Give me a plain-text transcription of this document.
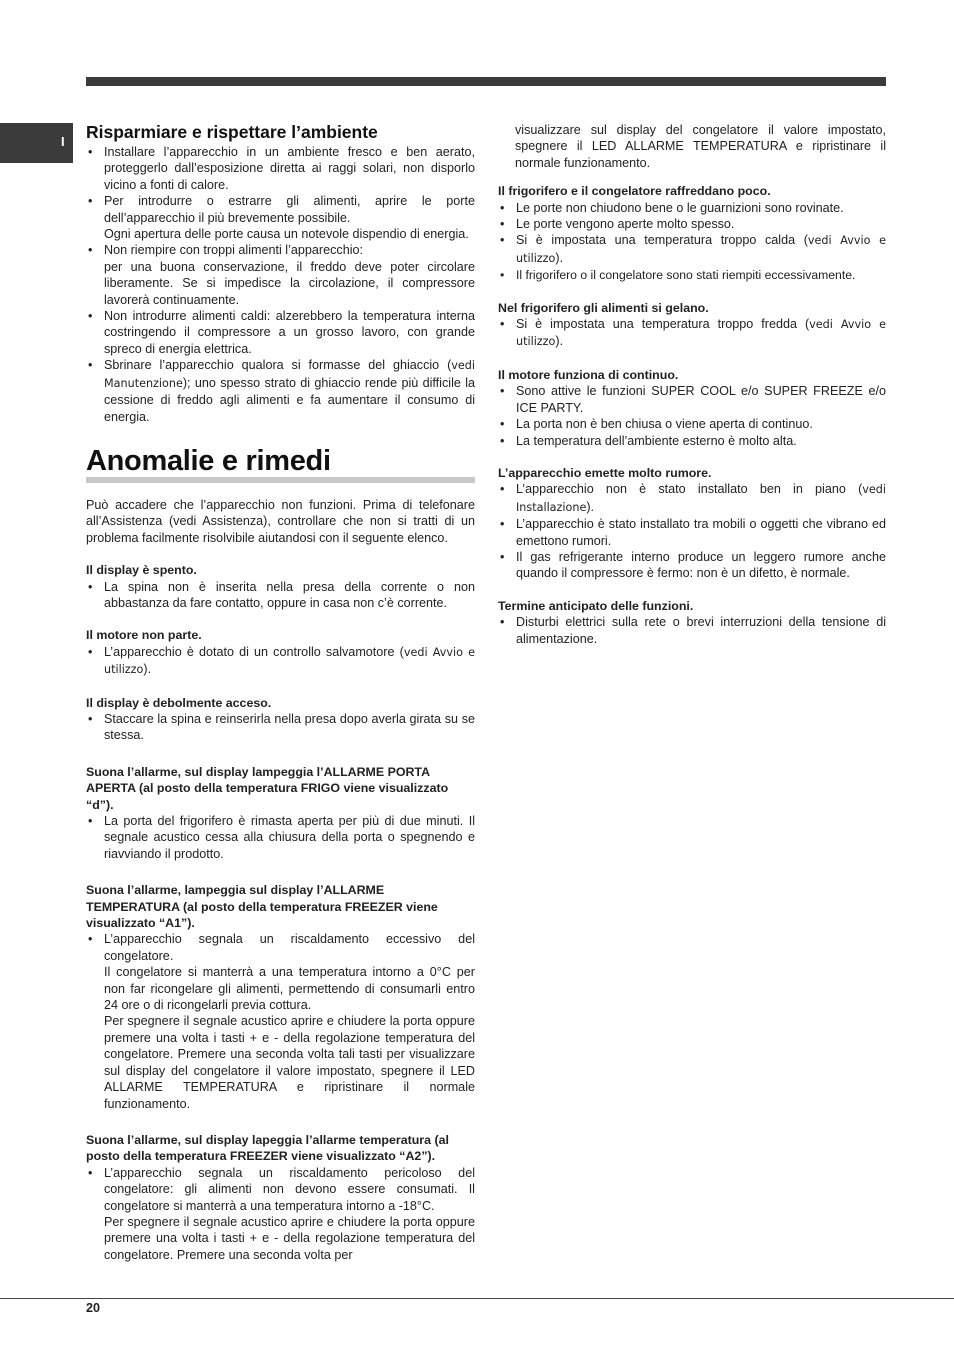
I Risparmiare e rispettare l’ambiente
• Installare l’apparecchio in un ambiente fresco e ben aerato, proteggerlo dall’esposizione diretta ai raggi solari, non disporlo vicino a fonti di calore.
• Per introdurre o estrarre gli alimenti, aprire le porte dell’apparecchio il più brevemente possibile.
Ogni apertura delle porte causa un notevole dispendio di energia.
• Non riempire con troppi alimenti l’apparecchio:
per una buona conservazione, il freddo deve poter circolare liberamente. Se si impedisce la circolazione, il compressore lavorerà continuamente.
• Non introdurre alimenti caldi: alzerebbero la temperatura interna costringendo il compressore a un grosso lavoro, con grande spreco di energia elettrica.
• Sbrinare l’apparecchio qualora si formasse del ghiaccio (vedi Manutenzione); uno spesso strato di ghiaccio rende più difficile la cessione di freddo agli alimenti e fa aumentare il consumo di energia.
Anomalie e rimedi

Può accadere che l’apparecchio non funzioni. Prima di telefonare all’Assistenza (vedi Assistenza), controllare che non si tratti di un problema facilmente risolvibile aiutandosi con il seguente elenco.

Il display è spento.
• La spina non è inserita nella presa della corrente o non abbastanza da fare contatto, oppure in casa non c’è corrente.
Il motore non parte.
• L’apparecchio è dotato di un controllo salvamotore (vedi Avvio e utilizzo).
Il display è debolmente acceso.
• Staccare la spina e reinserirla nella presa dopo averla girata su se stessa.
Suona l’allarme, sul display lampeggia l’ALLARME PORTA APERTA (al posto della temperatura FRIGO viene visualizzato “d”).
• La porta del frigorifero è rimasta aperta per più di due minuti. Il segnale acustico cessa alla chiusura della porta o spegnendo e riavviando il prodotto.
Suona l’allarme, lampeggia sul display l’ALLARME TEMPERATURA (al posto della temperatura FREEZER viene visualizzato “A1”).
• L’apparecchio segnala un riscaldamento eccessivo del congelatore.
Il congelatore si manterrà a una temperatura intorno a 0°C per non far ricongelare gli alimenti, permettendo di consumarli entro 24 ore o di ricongelarli previa cottura.
Per spegnere il segnale acustico aprire e chiudere la porta oppure premere una volta i tasti + e - della regolazione temperatura del congelatore. Premere una seconda volta tali tasti per visualizzare sul display del congelatore il valore impostato, spegnere il LED ALLARME TEMPERATURA e ripristinare il normale funzionamento.
Suona l’allarme, sul display lapeggia l’allarme temperatura (al posto della temperatura FREEZER viene visualizzato “A2”).
• L’apparecchio segnala un riscaldamento pericoloso del congelatore: gli alimenti non devono essere consumati. Il congelatore si manterrà a una temperatura intorno a -18°C.
Per spegnere il segnale acustico aprire e chiudere la porta oppure premere una volta i tasti + e - della regolazione temperatura del congelatore. Premere una seconda volta per

visualizzare sul display del congelatore il valore impostato, spegnere il LED ALLARME TEMPERATURA e ripristinare il normale funzionamento.

Il frigorifero e il congelatore raffreddano poco.
• Le porte non chiudono bene o le guarnizioni sono rovinate.
• Le porte vengono aperte molto spesso.
• Si è impostata una temperatura troppo calda (vedi Avvio e utilizzo).
• Il frigorifero o il congelatore sono stati riempiti eccessivamente.
Nel frigorifero gli alimenti si gelano.
• Si è impostata una temperatura troppo fredda (vedi Avvio e utilizzo).
Il motore funziona di continuo.
• Sono attive le funzioni SUPER COOL e/o SUPER FREEZE e/o ICE PARTY.
• La porta non è ben chiusa o viene aperta di continuo.
• La temperatura dell’ambiente esterno è molto alta.
L’apparecchio emette molto rumore.
• L’apparecchio non è stato installato ben in piano (vedi Installazione).
• L’apparecchio è stato installato tra mobili o oggetti che vibrano ed emettono rumori.
• Il gas refrigerante interno produce un leggero rumore anche quando il compressore è fermo: non è un difetto, è normale.
Termine anticipato delle funzioni.
• Disturbi elettrici sulla rete o brevi interruzioni della tensione di alimentazione.
20
